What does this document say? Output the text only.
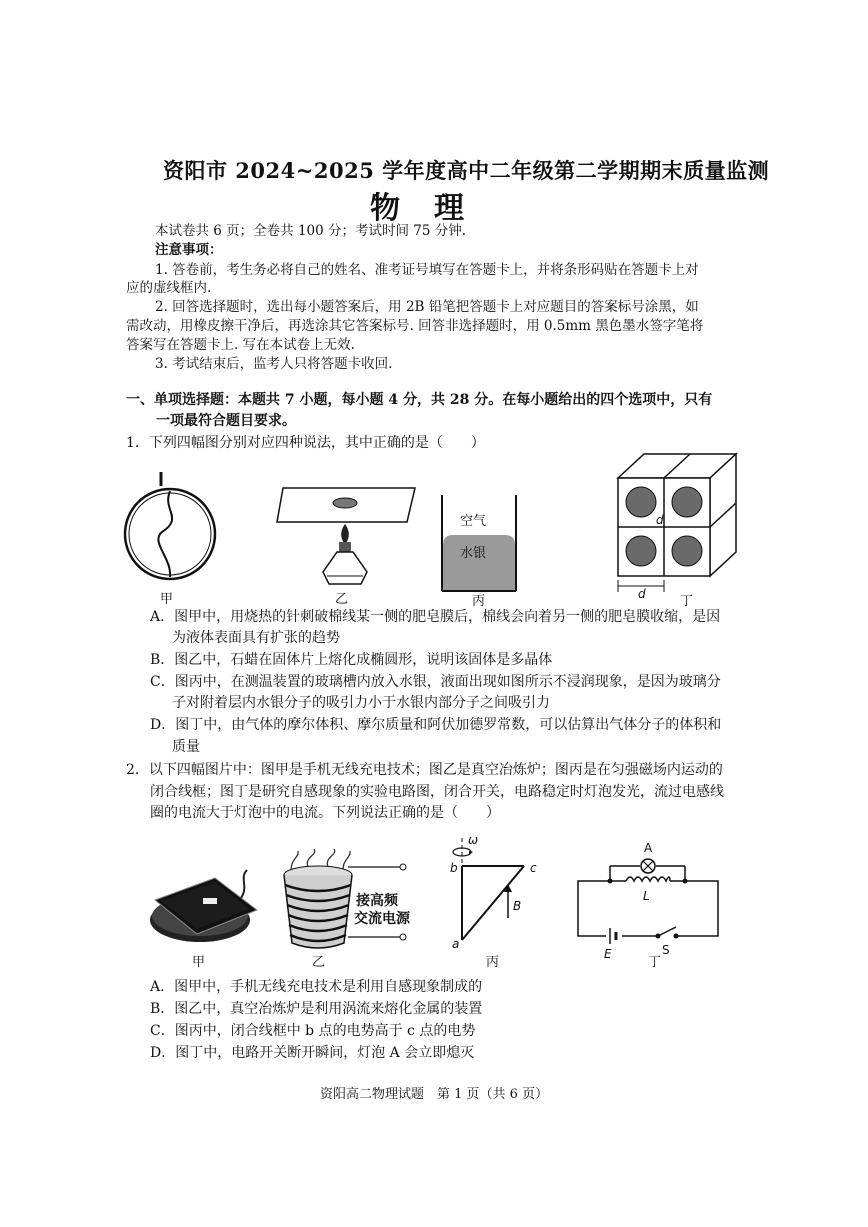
资阳市 2024~2025 学年度高中二年级第二学期期末质量监测
物　理
本试卷共 6 页；全卷共 100 分；考试时间 75 分钟.
注意事项：
1. 答卷前，考生务必将自己的姓名、准考证号填写在答题卡上，并将条形码贴在答题卡上对
应的虚线框内.
2. 回答选择题时，选出每小题答案后，用 2B 铅笔把答题卡上对应题目的答案标号涂黑，如
需改动，用橡皮擦干净后，再选涂其它答案标号. 回答非选择题时，用 0.5mm 黑色墨水签字笔将
答案写在答题卡上. 写在本试卷上无效.
3. 考试结束后，监考人只将答题卡收回.
一、单项选择题：本题共 7 小题，每小题 4 分，共 28 分。在每小题给出的四个选项中，只有
一项最符合题目要求。
1．下列四幅图分别对应四种说法，其中正确的是（　　）
甲	乙
空气
水银
丙
d
d	丁
A．图甲中，用烧热的针刺破棉线某一侧的肥皂膜后，棉线会向着另一侧的肥皂膜收缩，是因
为液体表面具有扩张的趋势
B．图乙中，石蜡在固体片上熔化成椭圆形，说明该固体是多晶体
C．图丙中，在测温装置的玻璃槽内放入水银，液面出现如图所示不浸润现象，是因为玻璃分
子对附着层内水银分子的吸引力小于水银内部分子之间吸引力
D．图丁中，由气体的摩尔体积、摩尔质量和阿伏加德罗常数，可以估算出气体分子的体积和
质量
2．以下四幅图片中：图甲是手机无线充电技术；图乙是真空冶炼炉；图丙是在匀强磁场内运动的
闭合线框；图丁是研究自感现象的实验电路图，闭合开关，电路稳定时灯泡发光，流过电感线
圈的电流大于灯泡中的电流。下列说法正确的是（　　）
甲
接高频
交流电源
乙
ω
b	c
a
B
丙
A
L
E	S
丁
A．图甲中，手机无线充电技术是利用自感现象制成的
B．图乙中，真空冶炼炉是利用涡流来熔化金属的装置
C．图丙中，闭合线框中 b 点的电势高于 c 点的电势
D．图丁中，电路开关断开瞬间，灯泡 A 会立即熄灭
资阳高二物理试题　第 1 页（共 6 页）
